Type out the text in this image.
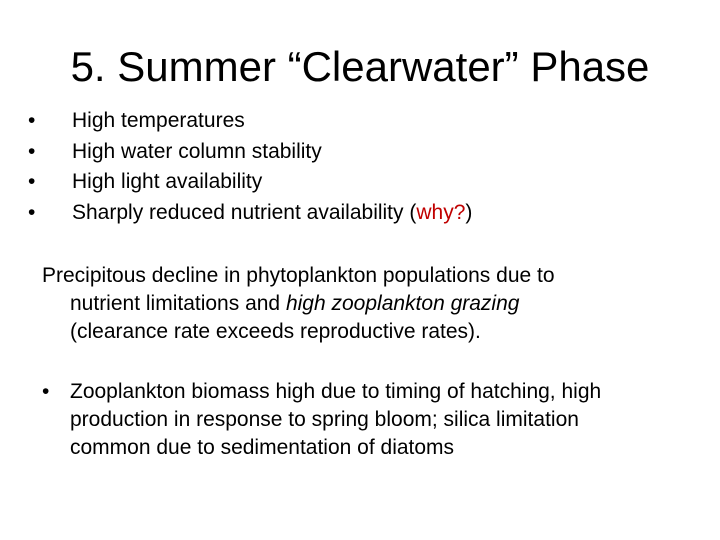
5. Summer “Clearwater” Phase
• High temperatures
• High water column stability
• High light availability
• Sharply reduced nutrient availability (why?)
Precipitous decline in phytoplankton populations due to
nutrient limitations and high zooplankton grazing
(clearance rate exceeds reproductive rates).
• Zooplankton biomass high due to timing of hatching, high
production in response to spring bloom; silica limitation
common due to sedimentation of diatoms
